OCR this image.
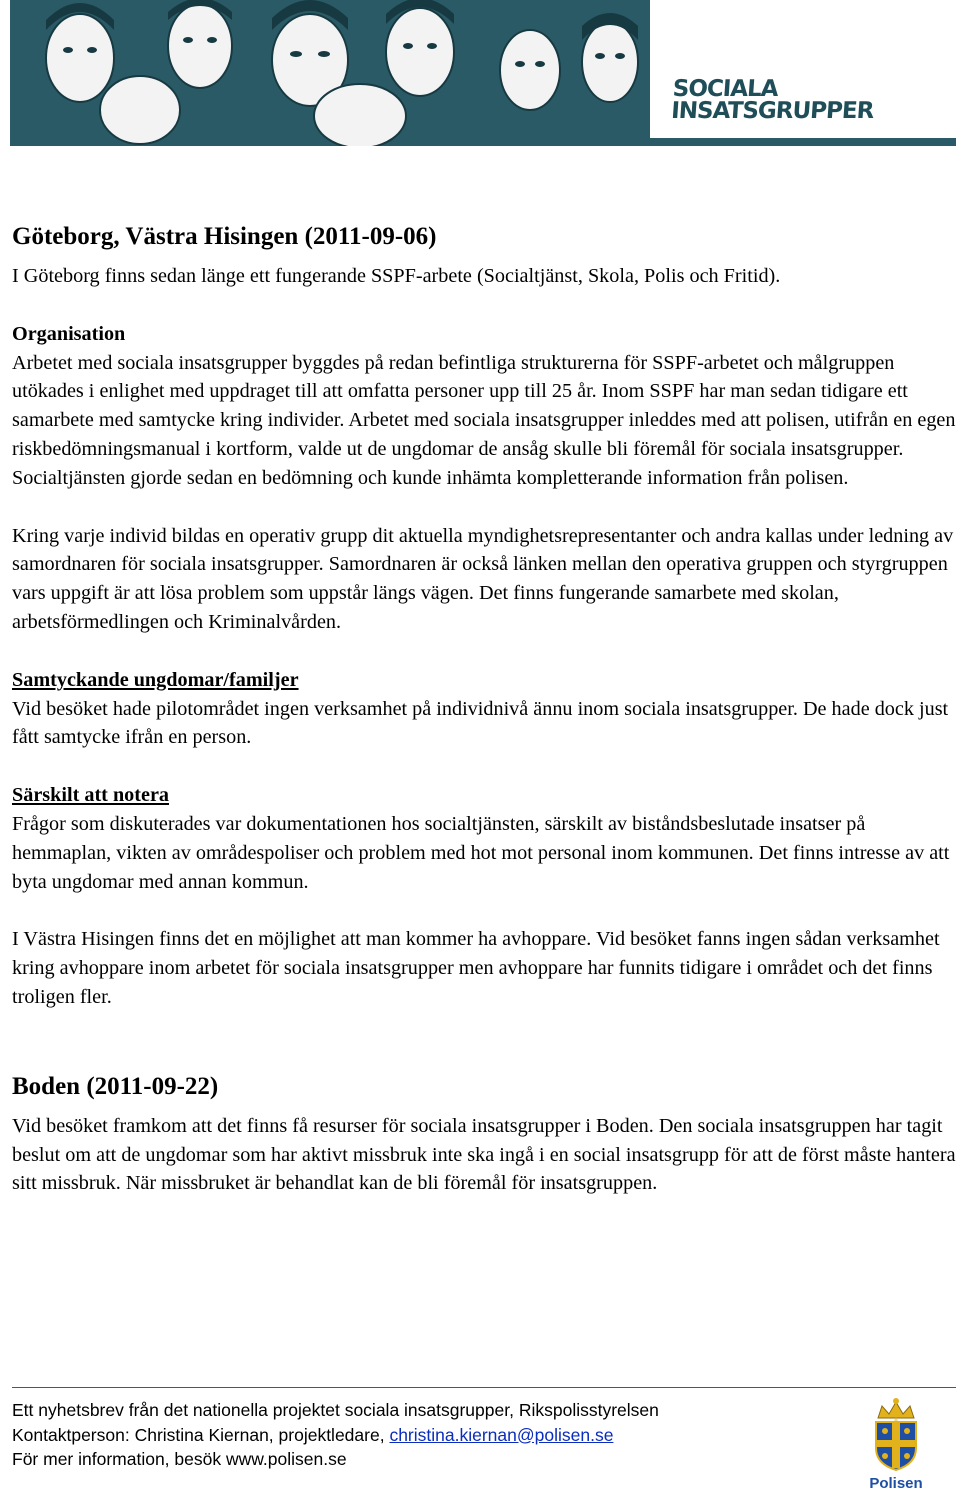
SOCIALA
INSATSGRUPPER
Göteborg, Västra Hisingen (2011-09-06)

I Göteborg finns sedan länge ett fungerande SSPF-arbete (Socialtjänst, Skola, Polis och Fritid).

Organisation

Arbetet med sociala insatsgrupper byggdes på redan befintliga strukturerna för SSPF-arbetet och målgruppen utökades i enlighet med uppdraget till att omfatta personer upp till 25 år. Inom SSPF har man sedan tidigare ett samarbete med samtycke kring individer. Arbetet med sociala insatsgrupper inleddes med att polisen, utifrån en egen riskbedömningsmanual i kortform, valde ut de ungdomar de ansåg skulle bli föremål för sociala insatsgrupper. Socialtjänsten gjorde sedan en bedömning och kunde inhämta kompletterande information från polisen.

Kring varje individ bildas en operativ grupp dit aktuella myndighetsrepresentanter och andra kallas under ledning av samordnaren för sociala insatsgrupper. Samordnaren är också länken mellan den operativa gruppen och styrgruppen vars uppgift är att lösa problem som uppstår längs vägen. Det finns fungerande samarbete med skolan, arbetsförmedlingen och Kriminalvården.

Samtyckande ungdomar/familjer

Vid besöket hade pilotområdet ingen verksamhet på individnivå ännu inom sociala insatsgrupper. De hade dock just fått samtycke ifrån en person.

Särskilt att notera

Frågor som diskuterades var dokumentationen hos socialtjänsten, särskilt av biståndsbeslutade insatser på hemmaplan, vikten av områdespoliser och problem med hot mot personal inom kommunen. Det finns intresse av att byta ungdomar med annan kommun.

I Västra Hisingen finns det en möjlighet att man kommer ha avhoppare. Vid besöket fanns ingen sådan verksamhet kring avhoppare inom arbetet för sociala insatsgrupper men avhoppare har funnits tidigare i området och det finns troligen fler.

Boden (2011-09-22)

Vid besöket framkom att det finns få resurser för sociala insatsgrupper i Boden. Den sociala insatsgruppen har tagit beslut om att de ungdomar som har aktivt missbruk inte ska ingå i en social insatsgrupp för att de först måste hantera sitt missbruk. När missbruket är behandlat kan de bli föremål för insatsgruppen.

Ett nyhetsbrev från det nationella projektet sociala insatsgrupper, Rikspolisstyrelsen
Kontaktperson: Christina Kiernan, projektledare, christina.kiernan@polisen.se
För mer information, besök www.polisen.se
Polisen
